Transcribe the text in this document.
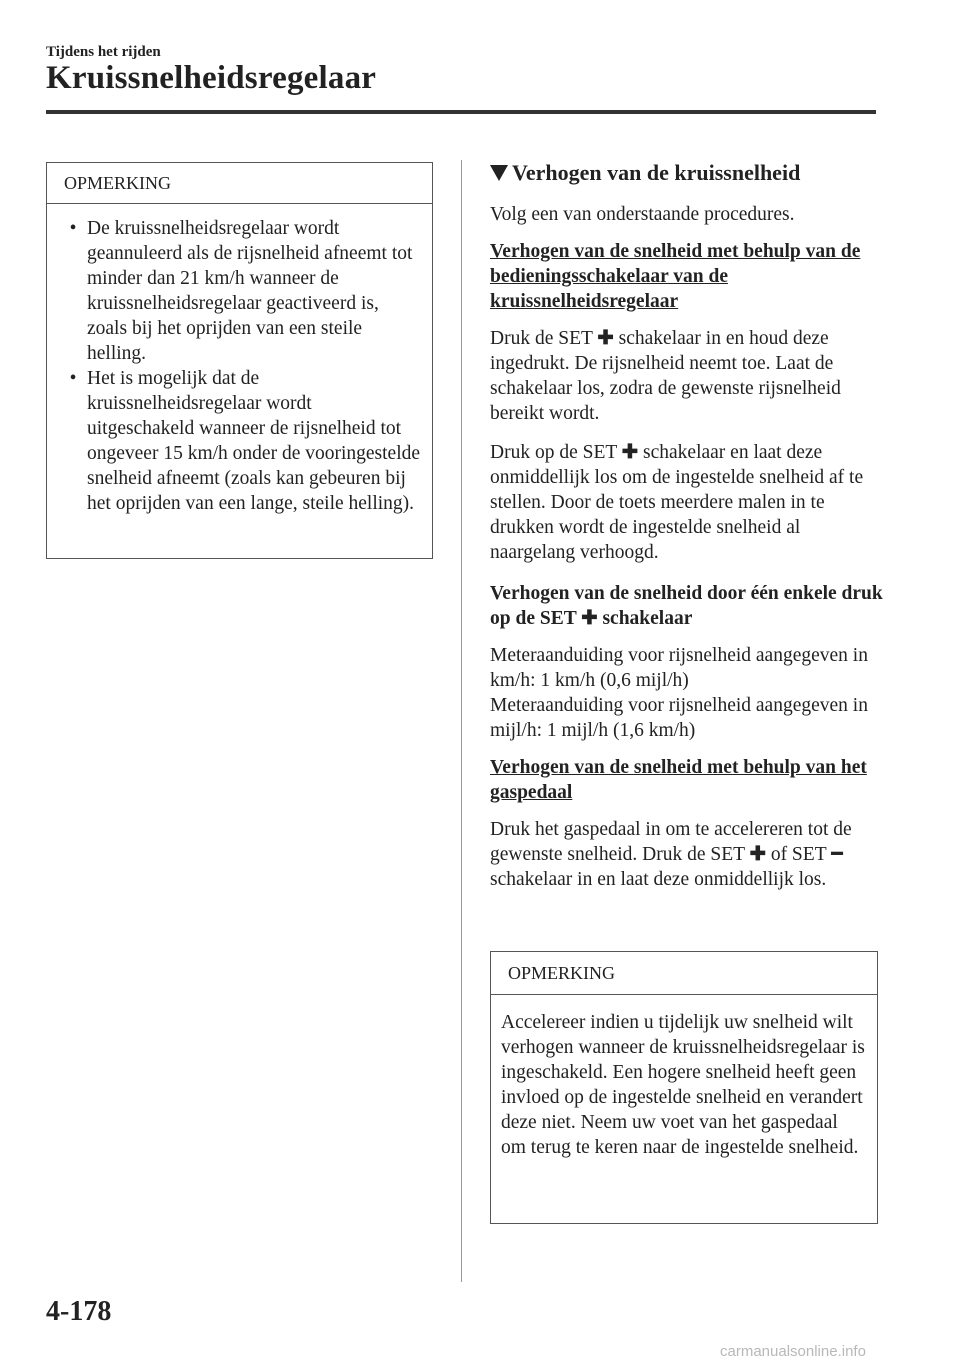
Tijdens het rijden
Kruissnelheidsregelaar
OPMERKING
• De kruissnelheidsregelaar wordt geannuleerd als de rijsnelheid afneemt tot minder dan 21 km/h wanneer de kruissnelheidsregelaar geactiveerd is, zoals bij het oprijden van een steile helling.
• Het is mogelijk dat de kruissnelheidsregelaar wordt uitgeschakeld wanneer de rijsnelheid tot ongeveer 15 km/h onder de vooringestelde snelheid afneemt (zoals kan gebeuren bij het oprijden van een lange, steile helling).
Verhogen van de kruissnelheid

Volg een van onderstaande procedures.

Verhogen van de snelheid met behulp van de bedieningsschakelaar van de kruissnelheidsregelaar

Druk de SET ✚ schakelaar in en houd deze ingedrukt. De rijsnelheid neemt toe. Laat de schakelaar los, zodra de gewenste rijsnelheid bereikt wordt.

Druk op de SET ✚ schakelaar en laat deze onmiddellijk los om de ingestelde snelheid af te stellen. Door de toets meerdere malen in te drukken wordt de ingestelde snelheid al naargelang verhoogd.

Verhogen van de snelheid door één enkele druk op de SET ✚ schakelaar

Meteraanduiding voor rijsnelheid aangegeven in km/h: 1 km/h (0,6 mijl/h)

Meteraanduiding voor rijsnelheid aangegeven in mijl/h: 1 mijl/h (1,6 km/h)

Verhogen van de snelheid met behulp van het gaspedaal

Druk het gaspedaal in om te accelereren tot de gewenste snelheid. Druk de SET ✚ of SET ━ schakelaar in en laat deze onmiddellijk los.

OPMERKING

Accelereer indien u tijdelijk uw snelheid wilt verhogen wanneer de kruissnelheidsregelaar is ingeschakeld. Een hogere snelheid heeft geen invloed op de ingestelde snelheid en verandert deze niet. Neem uw voet van het gaspedaal om terug te keren naar de ingestelde snelheid.

4-178
carmanualsonline.info
